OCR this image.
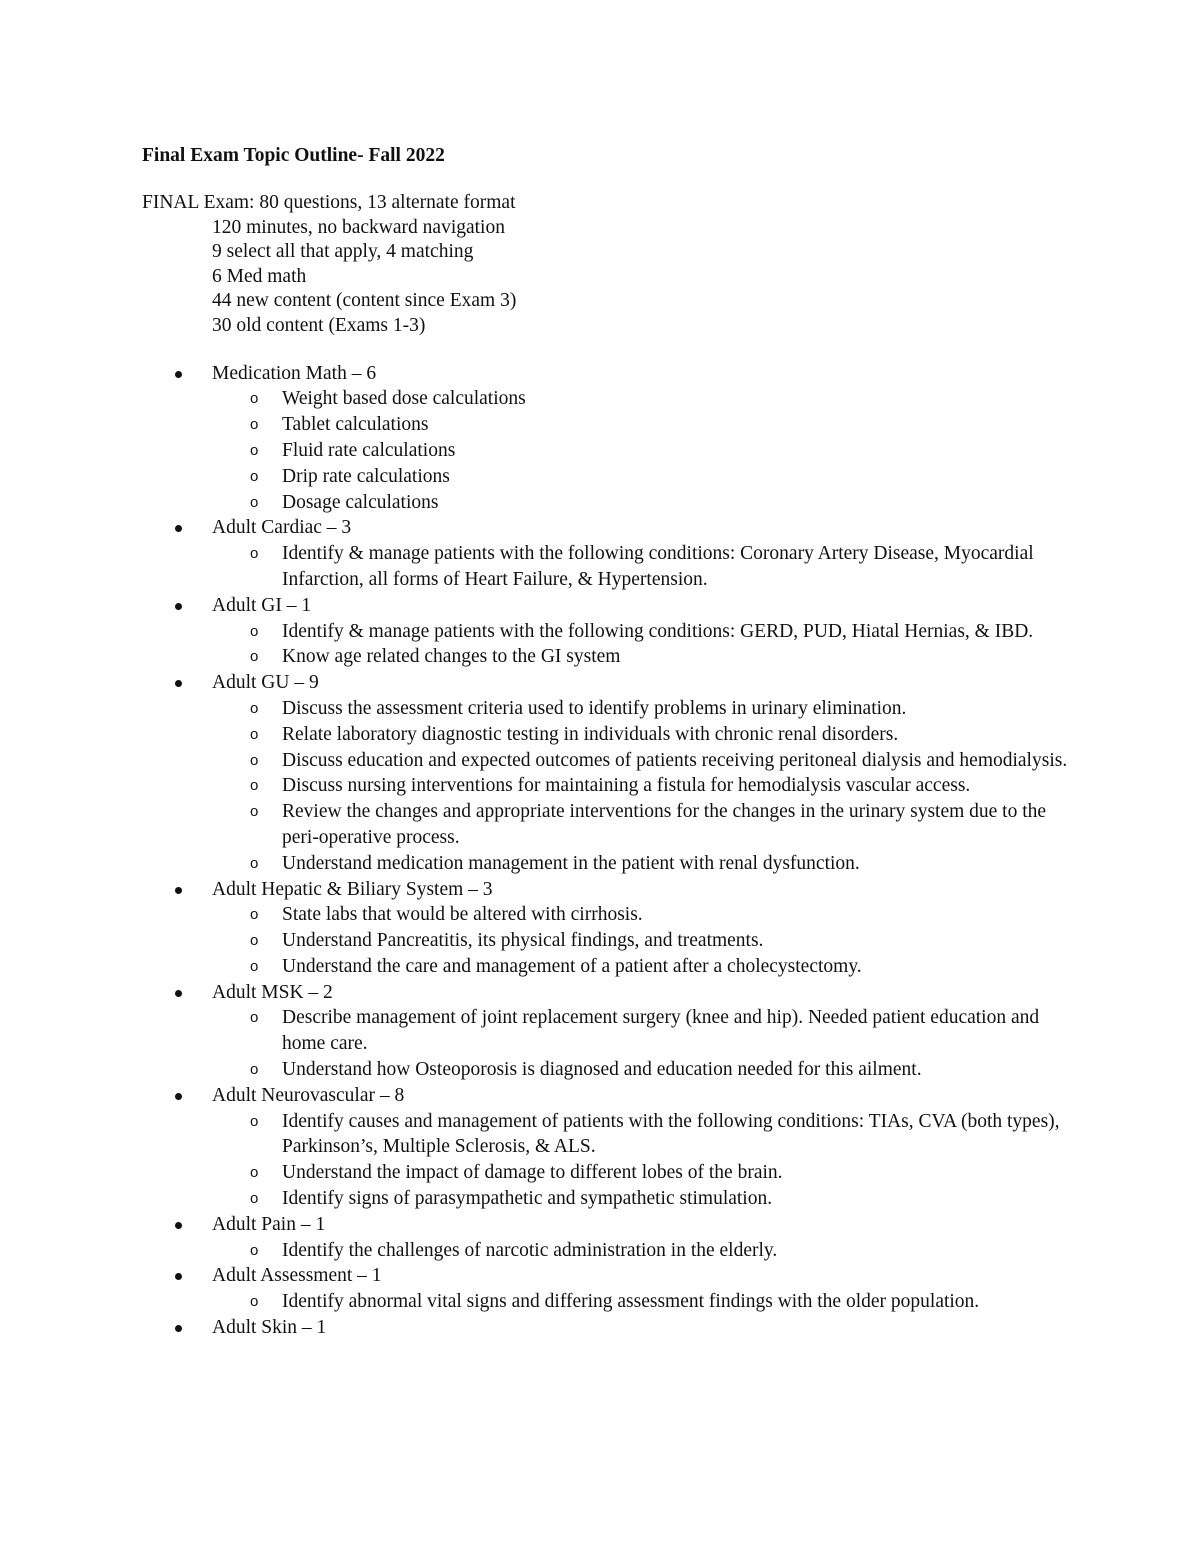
Final Exam Topic Outline- Fall 2022

FINAL Exam: 80 questions, 13 alternate format

120 minutes, no backward navigation

9 select all that apply, 4 matching

6 Med math

44 new content (content since Exam 3)

30 old content (Exams 1-3)

Medication Math – 6
o Weight based dose calculations
o Tablet calculations
o Fluid rate calculations
o Drip rate calculations
o Dosage calculations
Adult Cardiac – 3
o Identify & manage patients with the following conditions: Coronary Artery Disease, Myocardial Infarction, all forms of Heart Failure, & Hypertension.
Adult GI – 1
o Identify & manage patients with the following conditions: GERD, PUD, Hiatal Hernias, & IBD.
o Know age related changes to the GI system
Adult GU – 9
o Discuss the assessment criteria used to identify problems in urinary elimination.
o Relate laboratory diagnostic testing in individuals with chronic renal disorders.
o Discuss education and expected outcomes of patients receiving peritoneal dialysis and hemodialysis.
o Discuss nursing interventions for maintaining a fistula for hemodialysis vascular access.
o Review the changes and appropriate interventions for the changes in the urinary system due to the peri-operative process.
o Understand medication management in the patient with renal dysfunction.
Adult Hepatic & Biliary System – 3
o State labs that would be altered with cirrhosis.
o Understand Pancreatitis, its physical findings, and treatments.
o Understand the care and management of a patient after a cholecystectomy.
Adult MSK – 2
o Describe management of joint replacement surgery (knee and hip). Needed patient education and home care.
o Understand how Osteoporosis is diagnosed and education needed for this ailment.
Adult Neurovascular – 8
o Identify causes and management of patients with the following conditions: TIAs, CVA (both types), Parkinson’s, Multiple Sclerosis, & ALS.
o Understand the impact of damage to different lobes of the brain.
o Identify signs of parasympathetic and sympathetic stimulation.
Adult Pain – 1
o Identify the challenges of narcotic administration in the elderly.
Adult Assessment – 1
o Identify abnormal vital signs and differing assessment findings with the older population.
Adult Skin – 1
